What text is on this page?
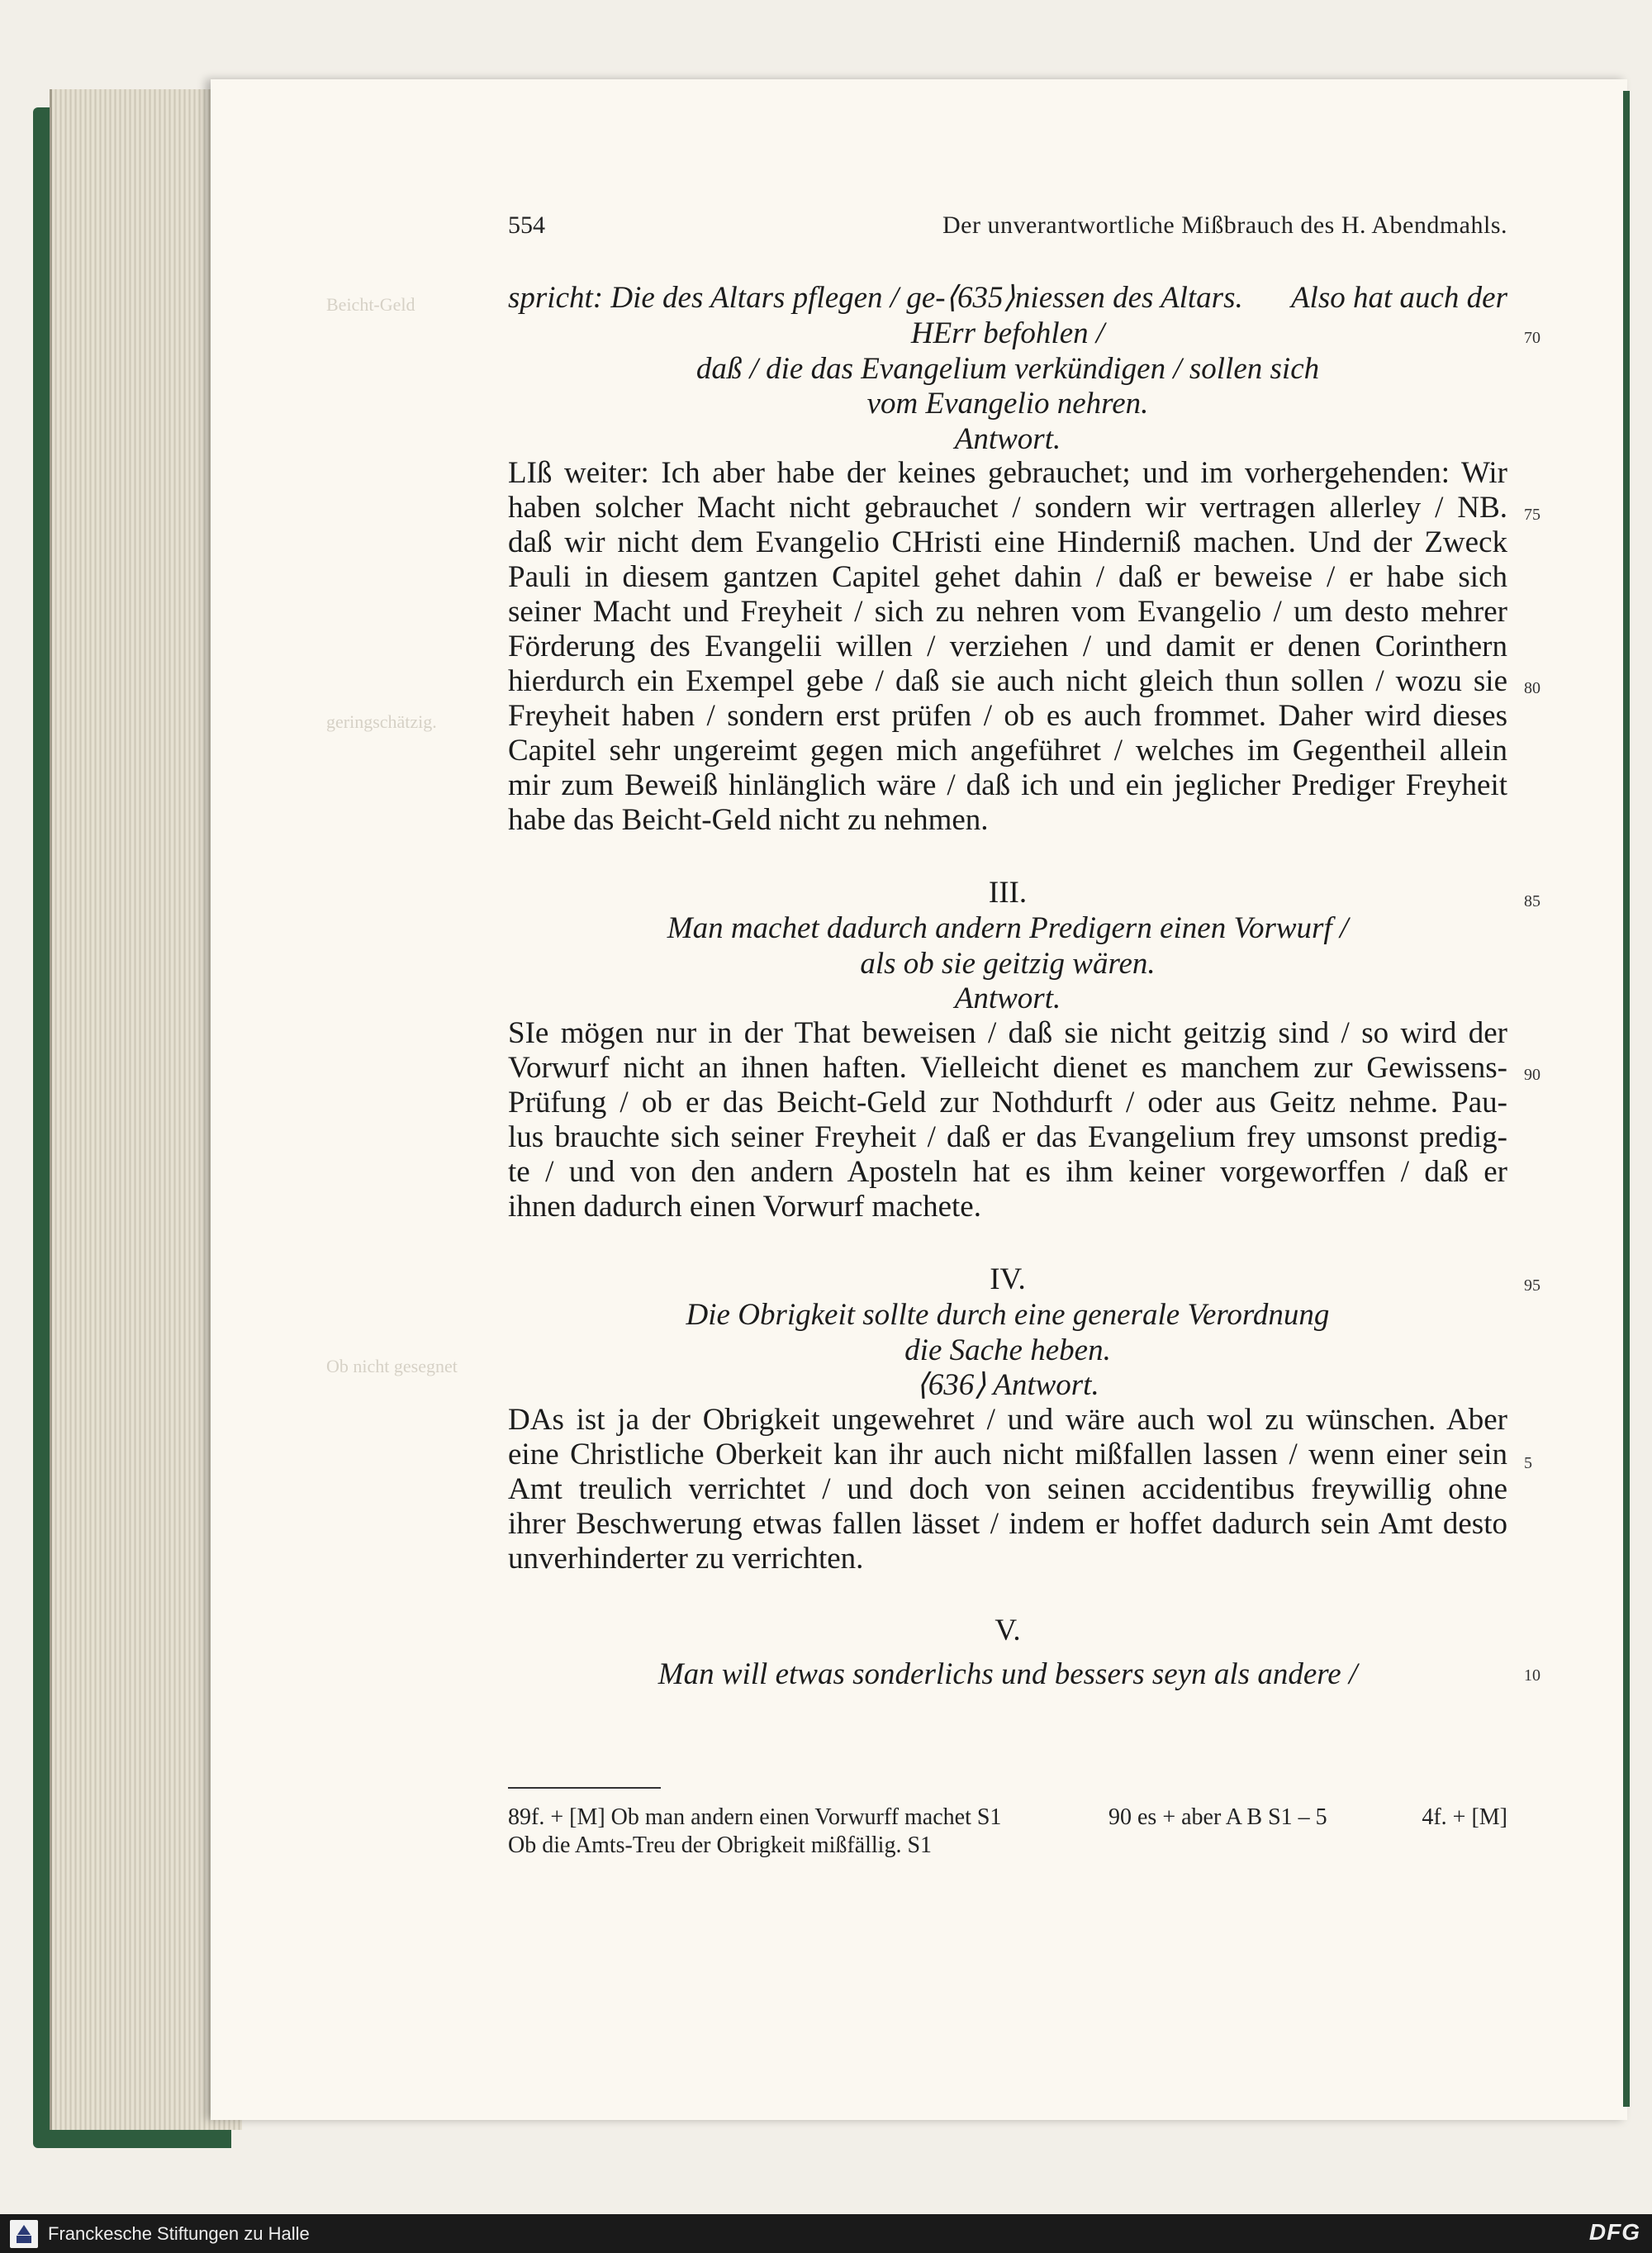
Beicht-Geld
geringschätzig.
Ob nicht gesegnet
554	Der unverantwortliche Mißbrauch des H. Abendmahls.
spricht: Die des Altars pflegen / ge-⟨635⟩niessen des Altars. Also hat auch der
HErr befohlen /
daß / die das Evangelium verkündigen / sollen sich
vom Evangelio nehren.
Antwort.
LIß weiter: Ich aber habe der keines gebrauchet; und im vorhergehenden: Wir
haben solcher Macht nicht gebrauchet / sondern wir vertragen allerley / NB.
daß wir nicht dem Evangelio CHristi eine Hinderniß machen. Und der Zweck
Pauli in diesem gantzen Capitel gehet dahin / daß er beweise / er habe sich
seiner Macht und Freyheit / sich zu nehren vom Evangelio / um desto mehrer
Förderung des Evangelii willen / verziehen / und damit er denen Corinthern
hierdurch ein Exempel gebe / daß sie auch nicht gleich thun sollen / wozu sie
Freyheit haben / sondern erst prüfen / ob es auch frommet. Daher wird dieses
Capitel sehr ungereimt gegen mich angeführet / welches im Gegentheil allein
mir zum Beweiß hinlänglich wäre / daß ich und ein jeglicher Prediger Freyheit
habe das Beicht-Geld nicht zu nehmen.
III.
Man machet dadurch andern Predigern einen Vorwurf /
als ob sie geitzig wären.
Antwort.
SIe mögen nur in der That beweisen / daß sie nicht geitzig sind / so wird der
Vorwurf nicht an ihnen haften. Vielleicht dienet es manchem zur Gewissens-
Prüfung / ob er das Beicht-Geld zur Nothdurft / oder aus Geitz nehme. Pau-
lus brauchte sich seiner Freyheit / daß er das Evangelium frey umsonst predig-
te / und von den andern Aposteln hat es ihm keiner vorgeworffen / daß er
ihnen dadurch einen Vorwurf machete.
IV.
Die Obrigkeit sollte durch eine generale Verordnung
die Sache heben.
⟨636⟩ Antwort.
DAs ist ja der Obrigkeit ungewehret / und wäre auch wol zu wünschen. Aber
eine Christliche Oberkeit kan ihr auch nicht mißfallen lassen / wenn einer sein
Amt treulich verrichtet / und doch von seinen accidentibus freywillig ohne
ihrer Beschwerung etwas fallen lässet / indem er hoffet dadurch sein Amt desto
unverhinderter zu verrichten.
V.
Man will etwas sonderlichs und bessers seyn als andere /
70
75
80
85
90
95
5
10
89f. + [M] Ob man andern einen Vorwurff machet S1	90 es + aber A B S1 – 5	4f. + [M]
Ob die Amts-Treu der Obrigkeit mißfällig. S1
Franckesche Stiftungen zu Halle	DFG
